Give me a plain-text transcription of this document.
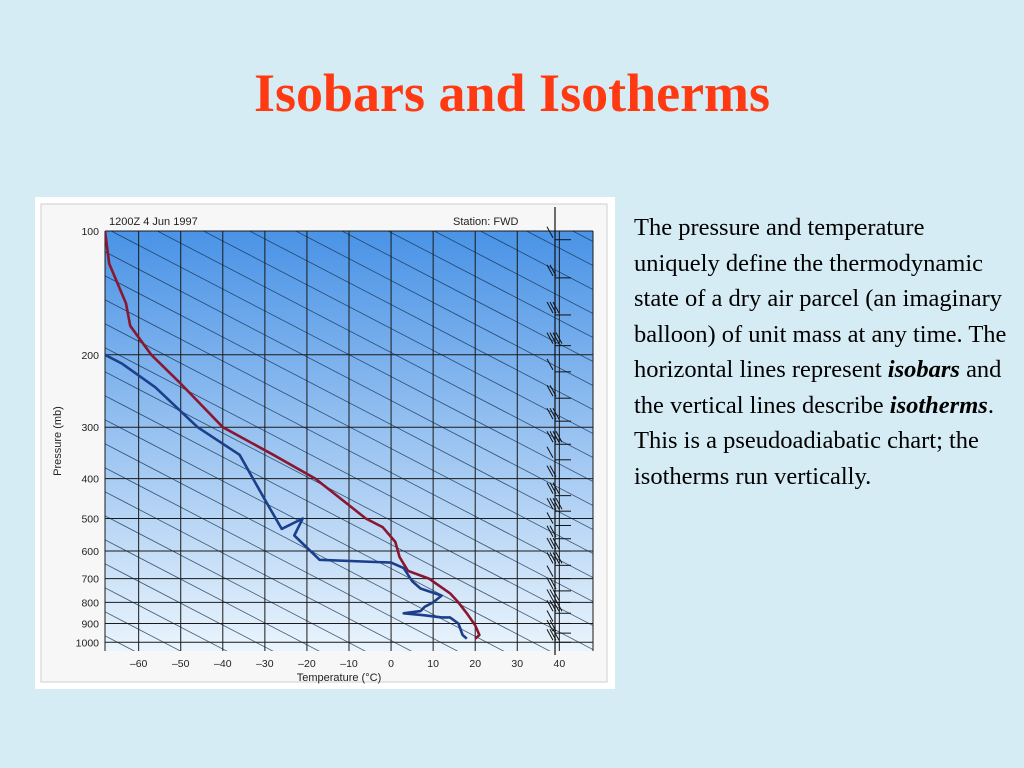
Isobars and Isotherms
100
200
300
400
500
600
700
800
900
1000
–60 –50 –40 –30 –20 –10	0	10	20	30	40
1200Z 4 Jun 1997	Station: FWD
Temperature (°C)
Pressure (mb)
The pressure and temperature uniquely define the thermodynamic state of a dry air parcel (an imaginary balloon) of unit mass at any time. The horizontal lines represent isobars and the vertical lines describe isotherms. This is a pseudoadiabatic chart; the isotherms run vertically.
